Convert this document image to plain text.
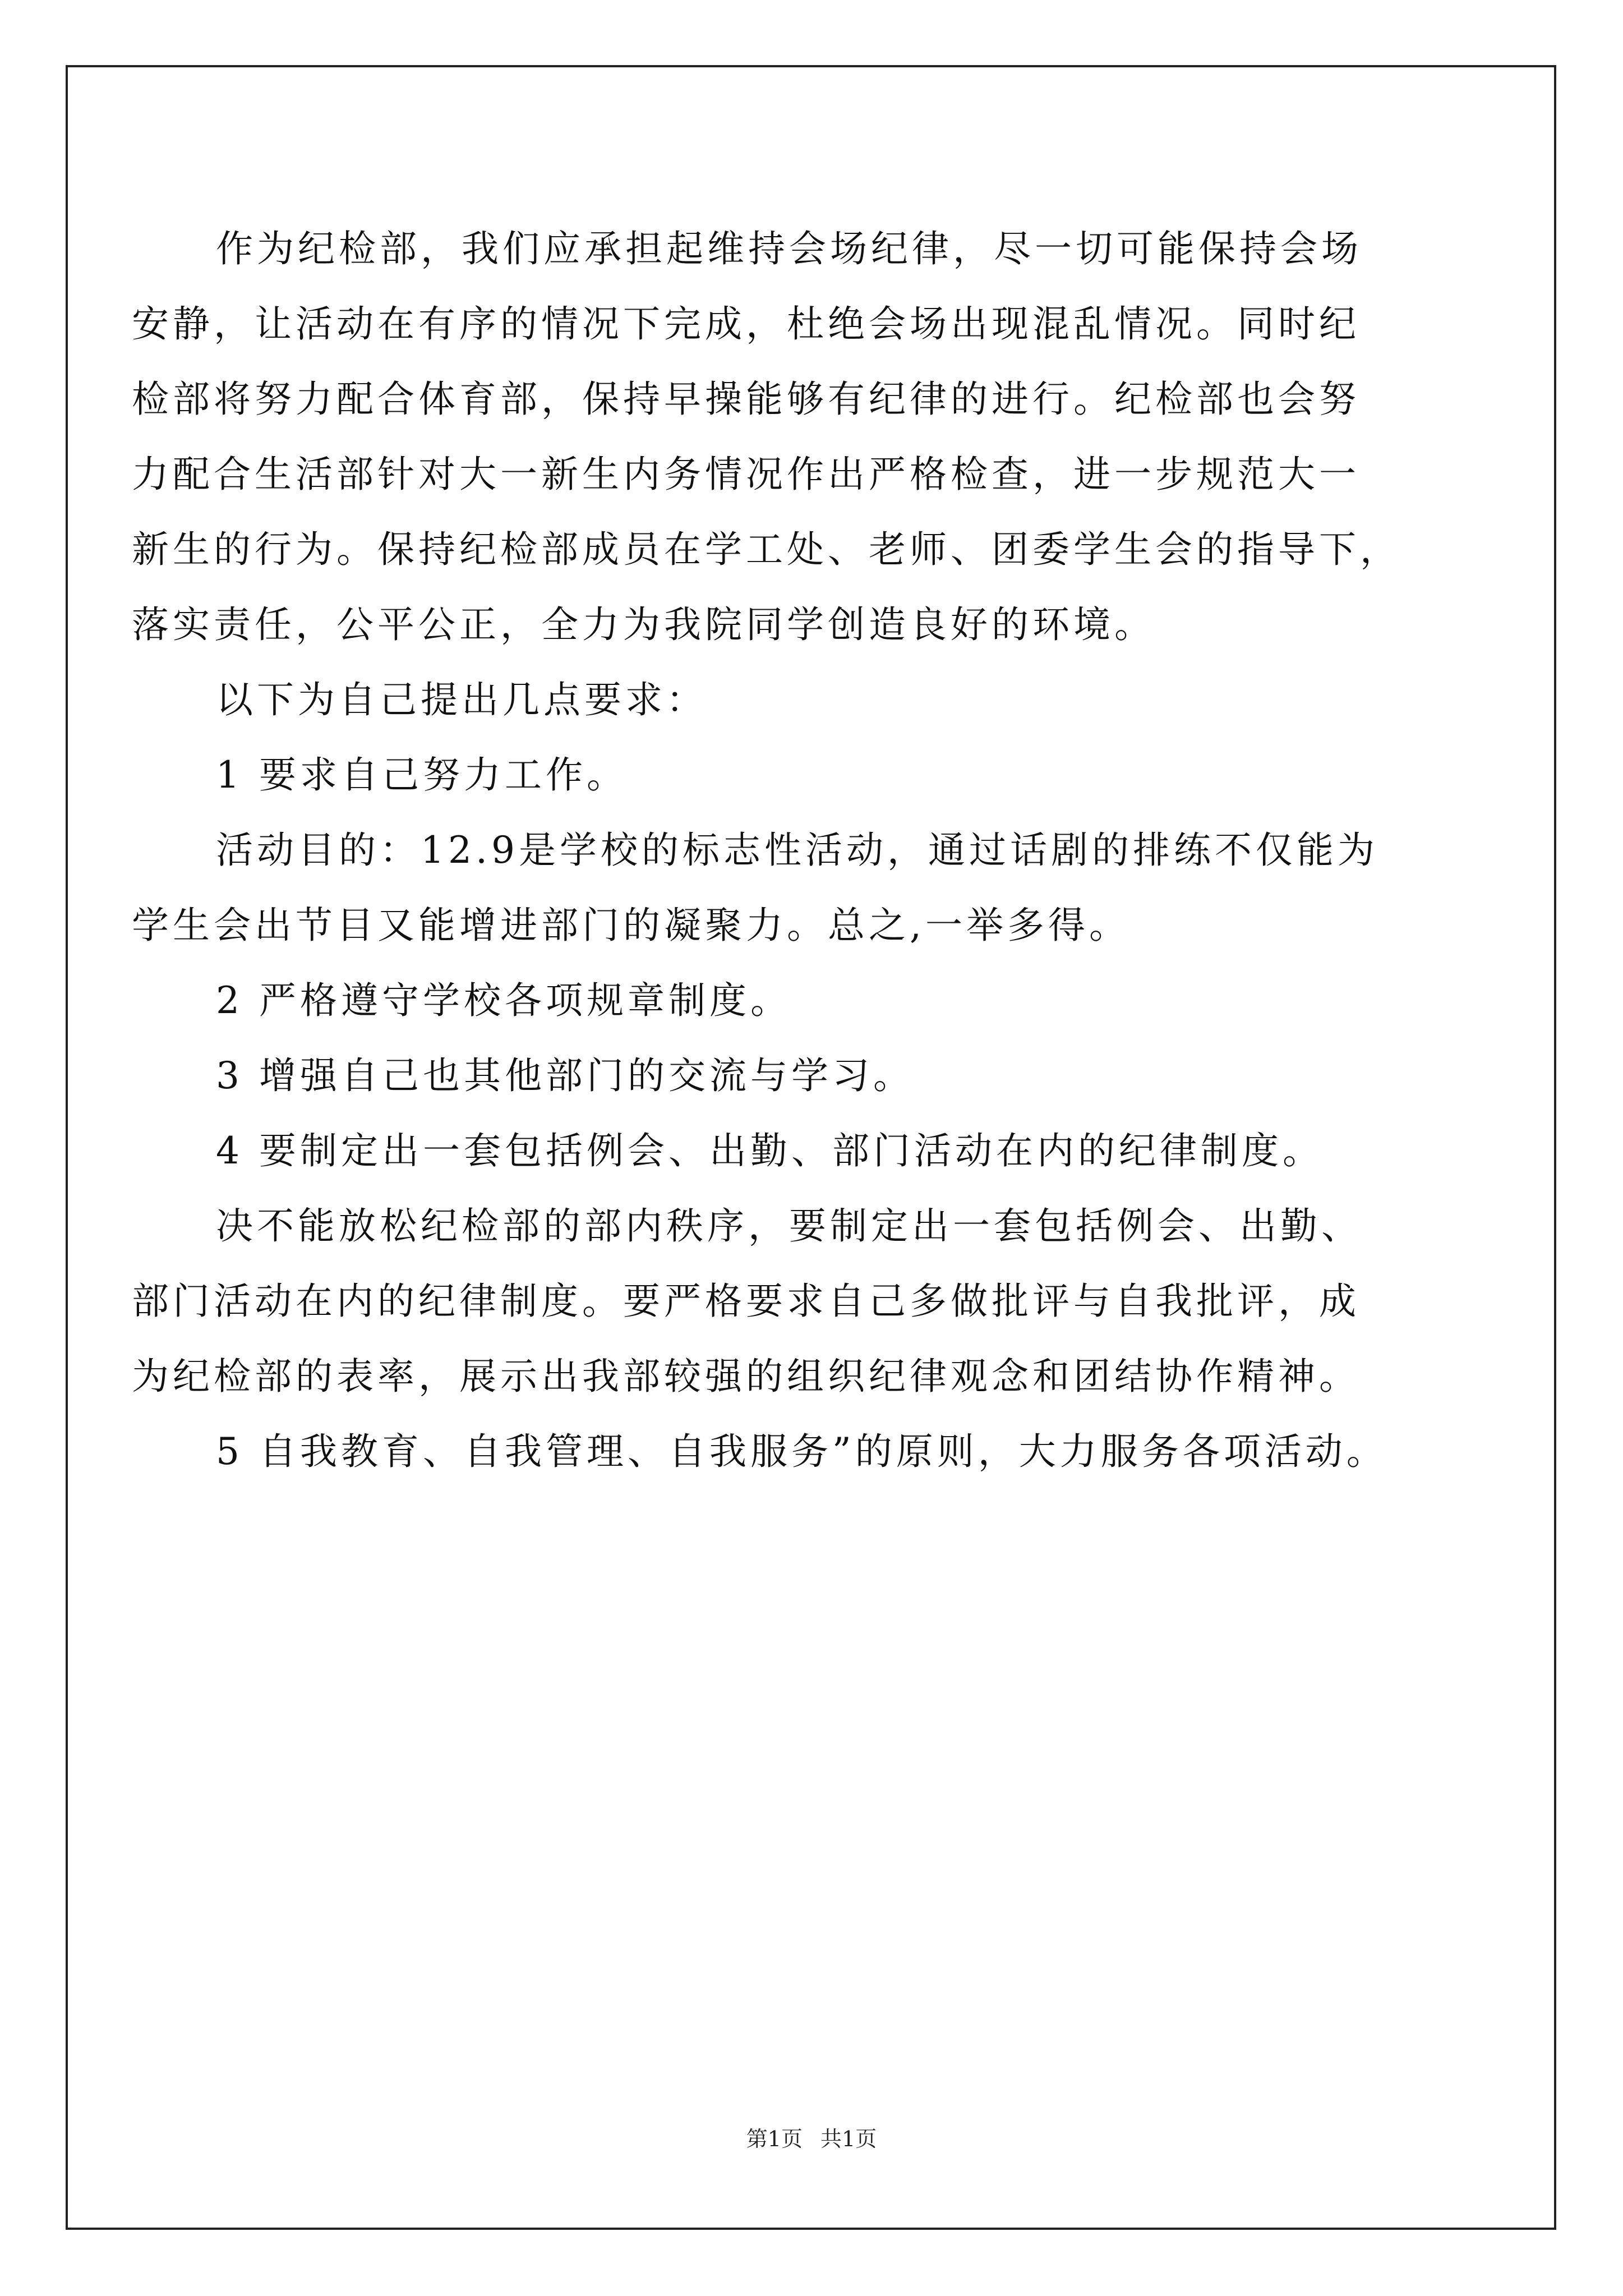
作为纪检部，我们应承担起维持会场纪律，尽一切可能保持会场
安静，让活动在有序的情况下完成，杜绝会场出现混乱情况。同时纪
检部将努力配合体育部，保持早操能够有纪律的进行。纪检部也会努
力配合生活部针对大一新生内务情况作出严格检查，进一步规范大一
新生的行为。保持纪检部成员在学工处、老师、团委学生会的指导下，
落实责任，公平公正，全力为我院同学创造良好的环境。
以下为自己提出几点要求：
1 要求自己努力工作。
活动目的：12.9是学校的标志性活动，通过话剧的排练不仅能为
学生会出节目又能增进部门的凝聚力。总之,一举多得。
2 严格遵守学校各项规章制度。
3 增强自己也其他部门的交流与学习。
4 要制定出一套包括例会、出勤、部门活动在内的纪律制度。
决不能放松纪检部的部内秩序，要制定出一套包括例会、出勤、
部门活动在内的纪律制度。要严格要求自己多做批评与自我批评，成
为纪检部的表率，展示出我部较强的组织纪律观念和团结协作精神。
5 自我教育、自我管理、自我服务”的原则，大力服务各项活动。
第1页 共1页
